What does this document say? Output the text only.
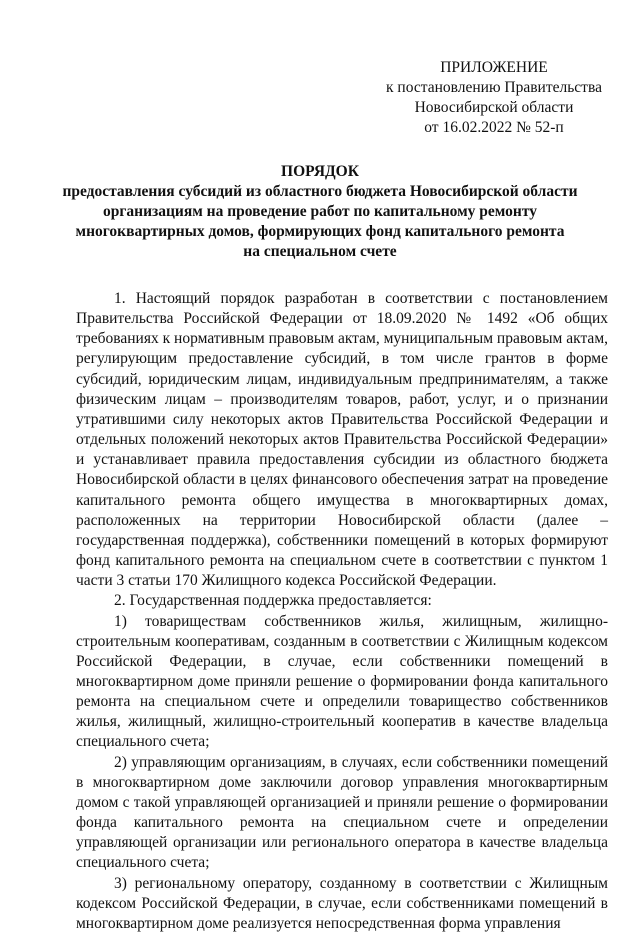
ПРИЛОЖЕНИЕ
к постановлению Правительства
Новосибирской области
от 16.02.2022 № 52-п
ПОРЯДОК
предоставления субсидий из областного бюджета Новосибирской области
организациям на проведение работ по капитальному ремонту
многоквартирных домов, формирующих фонд капитального ремонта
на специальном счете

1. Настоящий порядок разработан в соответствии с постановлением Правительства Российской Федерации от 18.09.2020 № 1492 «Об общих требованиях к нормативным правовым актам, муниципальным правовым актам, регулирующим предоставление субсидий, в том числе грантов в форме субсидий, юридическим лицам, индивидуальным предпринимателям, а также физическим лицам – производителям товаров, работ, услуг, и о признании утратившими силу некоторых актов Правительства Российской Федерации и отдельных положений некоторых актов Правительства Российской Федерации» и устанавливает правила предоставления субсидии из областного бюджета Новосибирской области в целях финансового обеспечения затрат на проведение капитального ремонта общего имущества в многоквартирных домах, расположенных на территории Новосибирской области (далее – государственная поддержка), собственники помещений в которых формируют фонд капитального ремонта на специальном счете в соответствии с пунктом 1 части 3 статьи 170 Жилищного кодекса Российской Федерации.

2. Государственная поддержка предоставляется:

1) товариществам собственников жилья, жилищным, жилищно-строительным кооперативам, созданным в соответствии с Жилищным кодексом Российской Федерации, в случае, если собственники помещений в многоквартирном доме приняли решение о формировании фонда капитального ремонта на специальном счете и определили товарищество собственников жилья, жилищный, жилищно-строительный кооператив в качестве владельца специального счета;

2) управляющим организациям, в случаях, если собственники помещений в многоквартирном доме заключили договор управления многоквартирным домом с такой управляющей организацией и приняли решение о формировании фонда капитального ремонта на специальном счете и определении управляющей организации или регионального оператора в качестве владельца специального счета;

3) региональному оператору, созданному в соответствии с Жилищным кодексом Российской Федерации, в случае, если собственниками помещений в многоквартирном доме реализуется непосредственная форма управления
